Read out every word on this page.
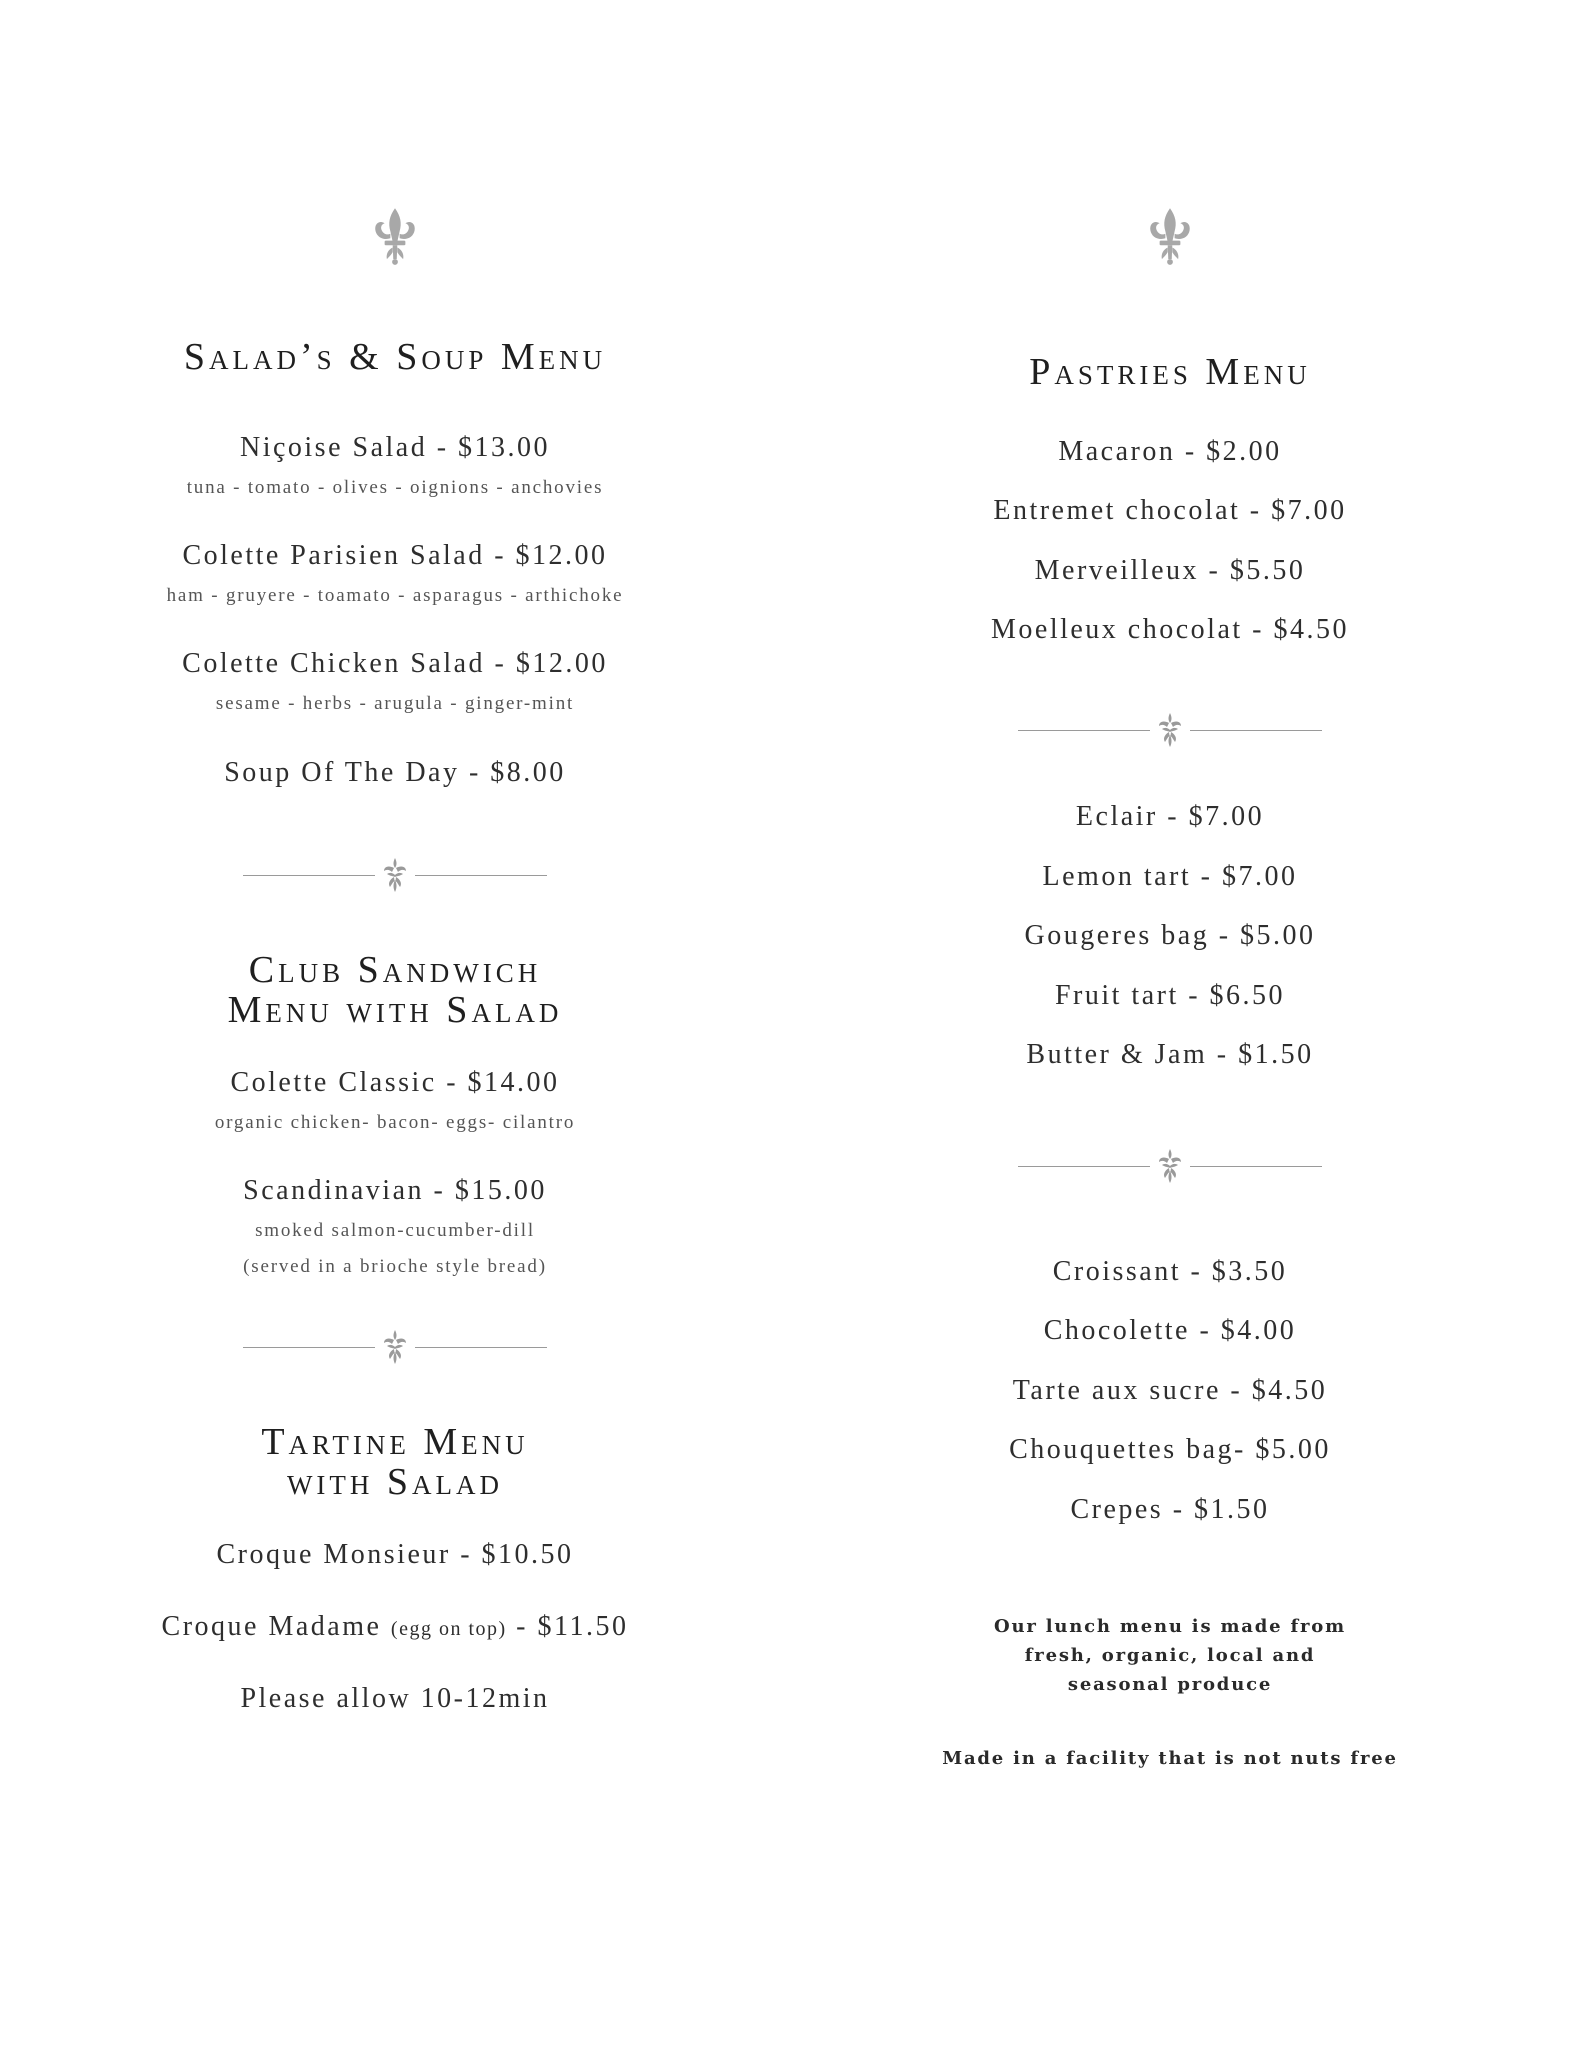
Salad’s & Soup Menu
Niçoise Salad - $13.00
tuna - tomato - olives - oignions - anchovies
Colette Parisien Salad - $12.00
ham - gruyere - toamato - asparagus - arthichoke
Colette Chicken Salad - $12.00
sesame - herbs - arugula - ginger-mint
Soup Of The Day - $8.00
Club Sandwich
Menu with Salad
Colette Classic - $14.00
organic chicken- bacon- eggs- cilantro
Scandinavian - $15.00
smoked salmon-cucumber-dill
(served in a brioche style bread)
Tartine Menu
with Salad
Croque Monsieur - $10.50
Croque Madame (egg on top) - $11.50
Please allow 10-12min
Pastries Menu
Macaron - $2.00
Entremet chocolat - $7.00
Merveilleux - $5.50
Moelleux chocolat - $4.50
Eclair - $7.00
Lemon tart - $7.00
Gougeres bag - $5.00
Fruit tart - $6.50
Butter & Jam - $1.50
Croissant - $3.50
Chocolette - $4.00
Tarte aux sucre - $4.50
Chouquettes bag- $5.00
Crepes - $1.50
Our lunch menu is made from
fresh, organic, local and
seasonal produce
Made in a facility that is not nuts free
